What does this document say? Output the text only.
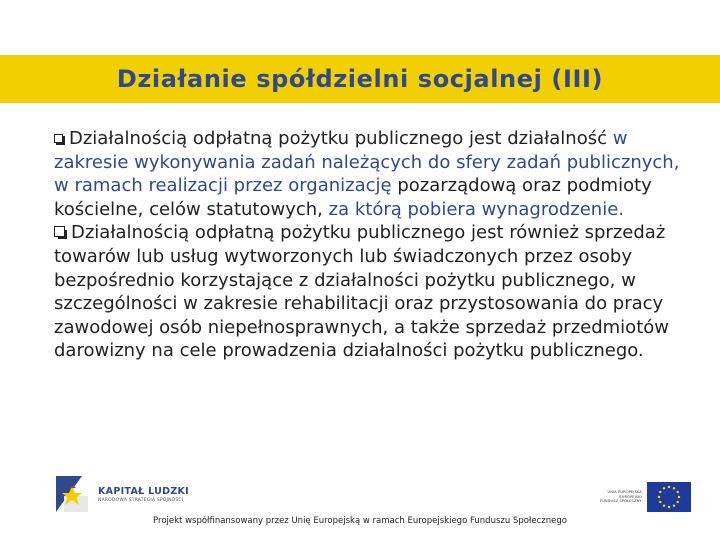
Działanie spółdzielni socjalnej (III)

Działalnością odpłatną pożytku publicznego jest działalność w zakresie wykonywania zadań należących do sfery zadań publicznych, w ramach realizacji przez organizację pozarządową oraz podmioty kościelne, celów statutowych, za którą pobiera wynagrodzenie.

Działalnością odpłatną pożytku publicznego jest również sprzedaż towarów lub usług wytworzonych lub świadczonych przez osoby bezpośrednio korzystające z działalności pożytku publicznego, w szczególności w zakresie rehabilitacji oraz przystosowania do pracy zawodowej osób niepełnosprawnych, a także sprzedaż przedmiotów darowizny na cele prowadzenia działalności pożytku publicznego.

KAPITAŁ LUDZKI
NARODOWA STRATEGIA SPÓJNOŚCI
UNIA EUROPEJSKA
EUROPEJSKI
FUNDUSZ SPOŁECZNY
Projekt współfinansowany przez Unię Europejską w ramach Europejskiego Funduszu Społecznego
